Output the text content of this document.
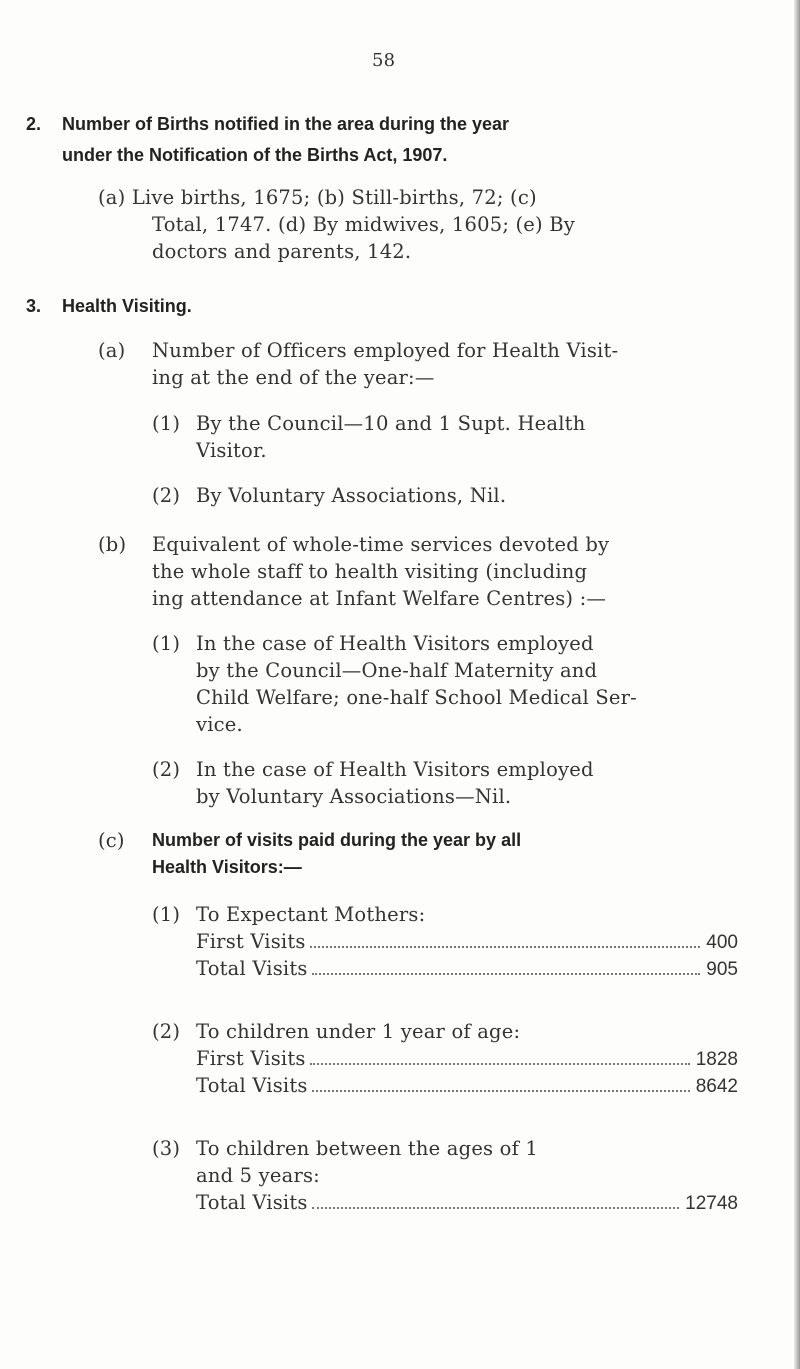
58
2. Number of Births notified in the area during the year
under the Notification of the Births Act, 1907.
(a) Live births, 1675; (b) Still-births, 72; (c)
Total, 1747. (d) By midwives, 1605; (e) By
doctors and parents, 142.
3. Health Visiting.
(a) Number of Officers employed for Health Visit-
ing at the end of the year:—
(1) By the Council—10 and 1 Supt. Health
Visitor.
(2) By Voluntary Associations, Nil.
(b) Equivalent of whole-time services devoted by
the whole staff to health visiting (including
ing attendance at Infant Welfare Centres) :—
(1) In the case of Health Visitors employed
by the Council—One-half Maternity and
Child Welfare; one-half School Medical Ser-
vice.
(2) In the case of Health Visitors employed
by Voluntary Associations—Nil.
(c) Number of visits paid during the year by all
Health Visitors:—
(1) To Expectant Mothers:
First Visits	400
Total Visits	905
(2) To children under 1 year of age:
First Visits	1828
Total Visits	8642
(3) To children between the ages of 1
and 5 years:
Total Visits	12748
